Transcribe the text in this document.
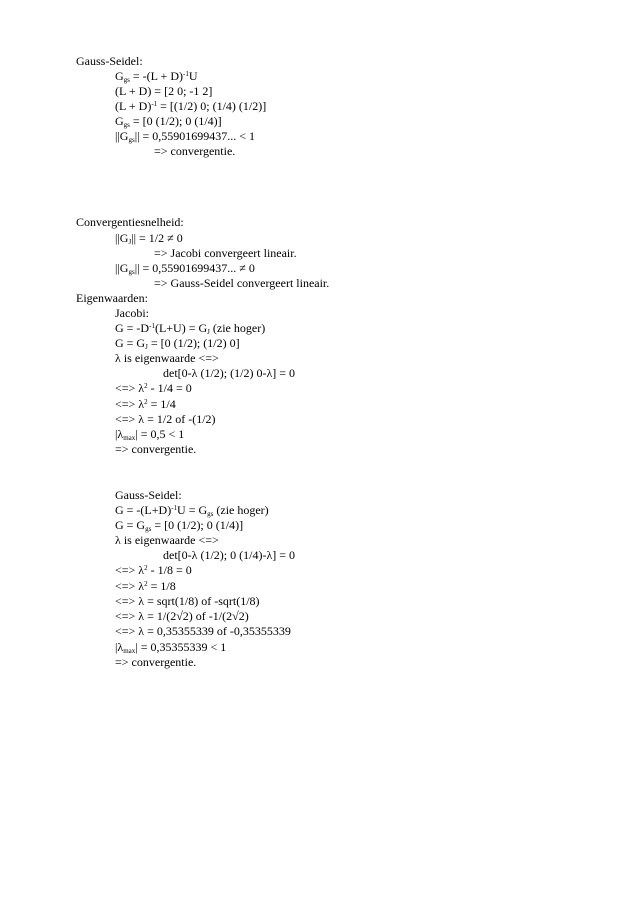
Gauss-Seidel:
$G_{gs} = -(L + D)^{-1}U$
(L + D) = [2 0; -1 2]
$(L + D)^{-1} = [(1/2)$ 0; (1/4) (1/2)]
$G_{gs} = [0$ (1/2); 0 (1/4)]
$||G_{gs}|| = 0,55901699437$... < 1
=> convergentie.
Convergentiesnelheid:
$||G_J|| = 1/2 \ne 0$
=> Jacobi convergeert lineair.
$||G_{gs}|| = 0,55901699437$... ≠ 0
=> Gauss-Seidel convergeert lineair.
Eigenwaarden:
Jacobi:
$G = -D^{-1}(L+U) = G_J$ (zie hoger)
$G = G_J = [0$ (1/2); (1/2) 0]
λ is eigenwaarde <=>
det[0-λ (1/2); (1/2) 0-λ] = 0
<=> $\lambda^2 - 1/4 = 0$
<=> $\lambda^2 = 1/4$
<=> λ = 1/2 of -(1/2)
$|\lambda_{max}| = 0,5 < 1$
=> convergentie.
Gauss-Seidel:
$G = -(L+D)^{-1}U = G_{gs}$ (zie hoger)
$G = G_{gs} = [0$ (1/2); 0 (1/4)]
λ is eigenwaarde <=>
det[0-λ (1/2); 0 (1/4)-λ] = 0
<=> $\lambda^2 - 1/8 = 0$
<=> $\lambda^2 = 1/8$
<=> λ = sqrt(1/8) of -sqrt(1/8)
<=> λ = 1/(2√2) of -1/(2√2)
<=> λ = 0,35355339 of -0,35355339
$|\lambda_{max}| = 0,35355339 < 1$
=> convergentie.
